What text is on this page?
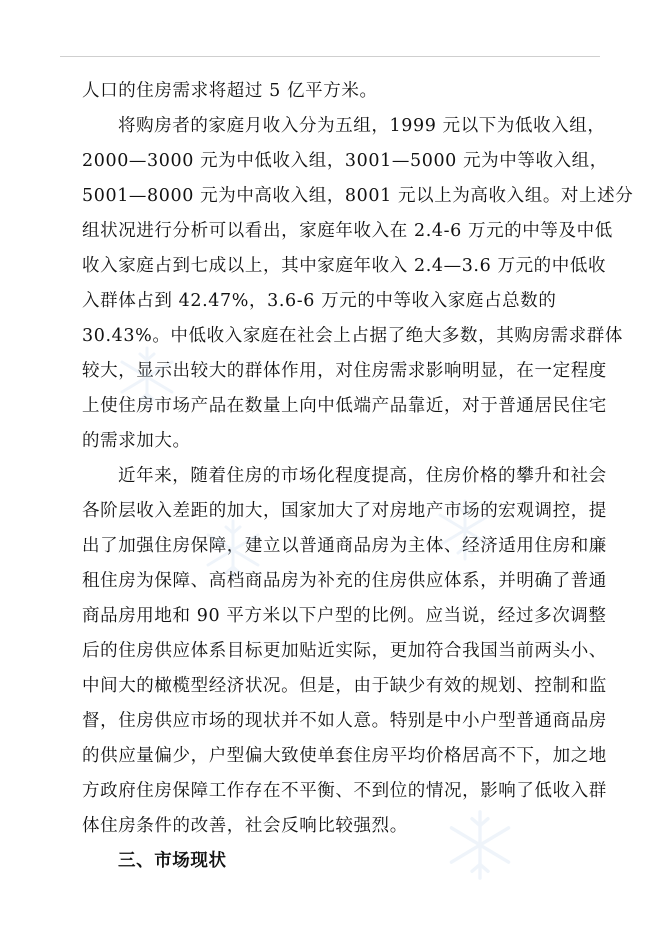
人口的住房需求将超过 5 亿平方米。
将购房者的家庭月收入分为五组，1999 元以下为低收入组，
2000—3000 元为中低收入组，3001—5000 元为中等收入组，
5001—8000 元为中高收入组，8001 元以上为高收入组。对上述分
组状况进行分析可以看出，家庭年收入在 2.4-6 万元的中等及中低
收入家庭占到七成以上，其中家庭年收入 2.4—3.6 万元的中低收
入群体占到 42.47%，3.6-6 万元的中等收入家庭占总数的
30.43%。中低收入家庭在社会上占据了绝大多数，其购房需求群体
较大，显示出较大的群体作用，对住房需求影响明显，在一定程度
上使住房市场产品在数量上向中低端产品靠近，对于普通居民住宅
的需求加大。
近年来，随着住房的市场化程度提高，住房价格的攀升和社会
各阶层收入差距的加大，国家加大了对房地产市场的宏观调控，提
出了加强住房保障，建立以普通商品房为主体、经济适用住房和廉
租住房为保障、高档商品房为补充的住房供应体系，并明确了普通
商品房用地和 90 平方米以下户型的比例。应当说，经过多次调整
后的住房供应体系目标更加贴近实际，更加符合我国当前两头小、
中间大的橄榄型经济状况。但是，由于缺少有效的规划、控制和监
督，住房供应市场的现状并不如人意。特别是中小户型普通商品房
的供应量偏少，户型偏大致使单套住房平均价格居高不下，加之地
方政府住房保障工作存在不平衡、不到位的情况，影响了低收入群
体住房条件的改善，社会反响比较强烈。
三、市场现状
